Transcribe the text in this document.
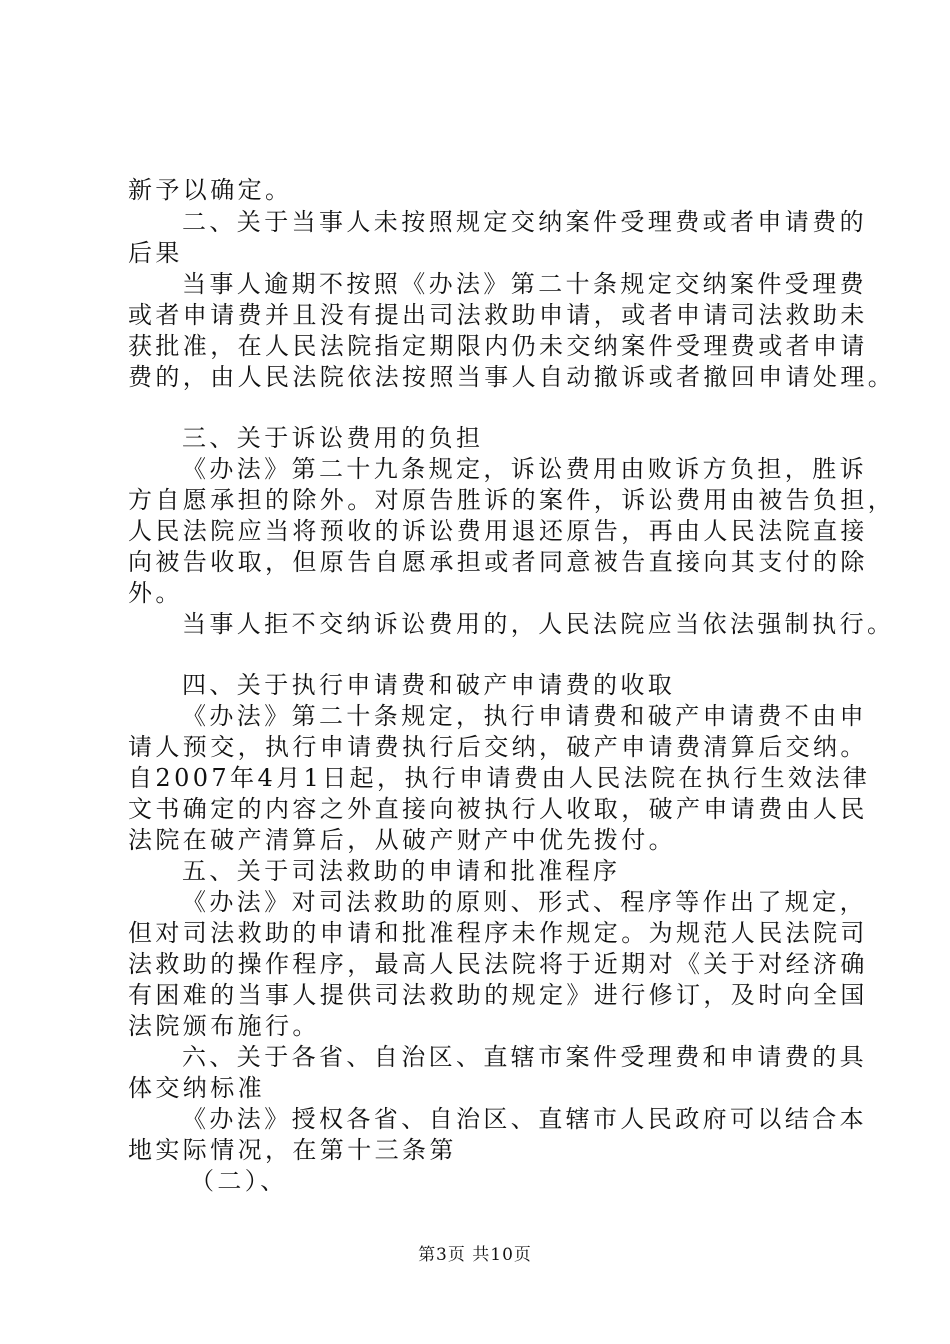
新予以确定。
二、关于当事人未按照规定交纳案件受理费或者申请费的
后果
当事人逾期不按照《办法》第二十条规定交纳案件受理费
或者申请费并且没有提出司法救助申请，或者申请司法救助未
获批准，在人民法院指定期限内仍未交纳案件受理费或者申请
费的，由人民法院依法按照当事人自动撤诉或者撤回申请处理。
三、关于诉讼费用的负担
《办法》第二十九条规定，诉讼费用由败诉方负担，胜诉
方自愿承担的除外。对原告胜诉的案件，诉讼费用由被告负担，
人民法院应当将预收的诉讼费用退还原告，再由人民法院直接
向被告收取，但原告自愿承担或者同意被告直接向其支付的除
外。
当事人拒不交纳诉讼费用的，人民法院应当依法强制执行。
四、关于执行申请费和破产申请费的收取
《办法》第二十条规定，执行申请费和破产申请费不由申
请人预交，执行申请费执行后交纳，破产申请费清算后交纳。
自2007年4月1日起，执行申请费由人民法院在执行生效法律
文书确定的内容之外直接向被执行人收取，破产申请费由人民
法院在破产清算后，从破产财产中优先拨付。
五、关于司法救助的申请和批准程序
《办法》对司法救助的原则、形式、程序等作出了规定，
但对司法救助的申请和批准程序未作规定。为规范人民法院司
法救助的操作程序，最高人民法院将于近期对《关于对经济确
有困难的当事人提供司法救助的规定》进行修订，及时向全国
法院颁布施行。
六、关于各省、自治区、直辖市案件受理费和申请费的具
体交纳标准
《办法》授权各省、自治区、直辖市人民政府可以结合本
地实际情况，在第十三条第
（二）、
第3页 共10页
